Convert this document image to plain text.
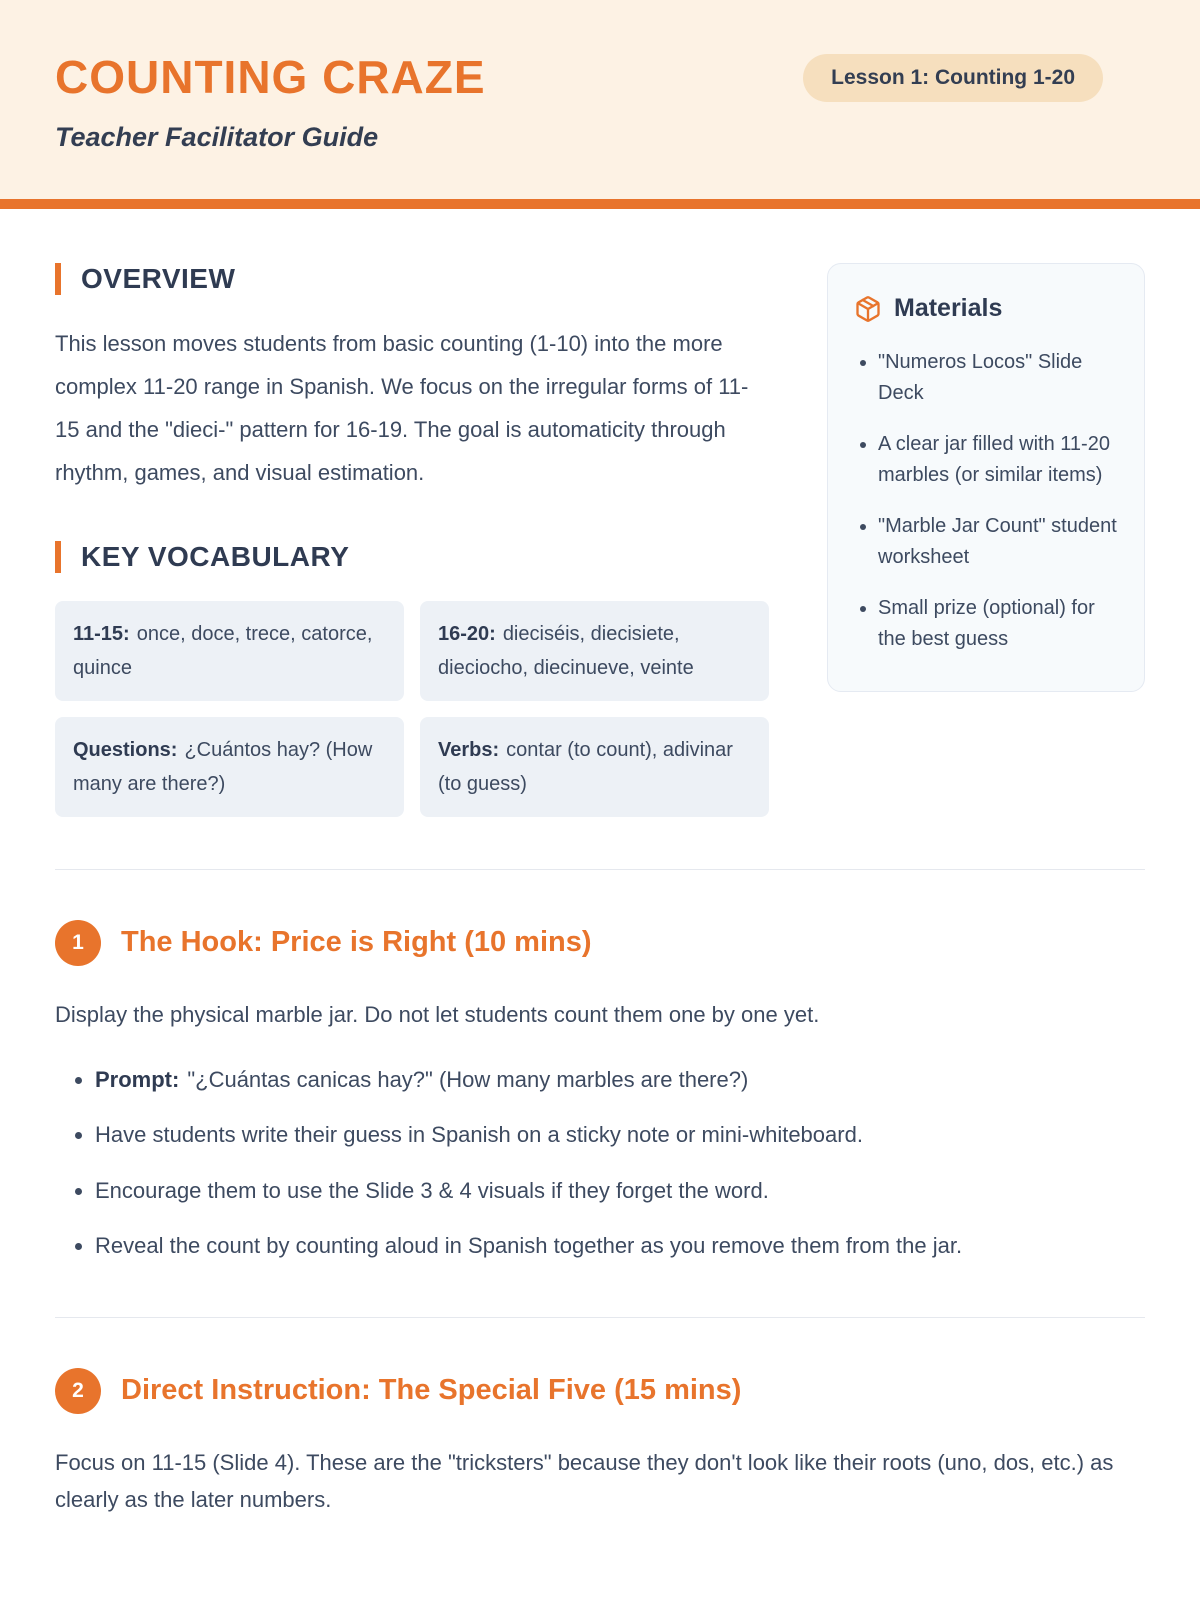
COUNTING CRAZE
Teacher Facilitator Guide
Lesson 1: Counting 1-20
OVERVIEW

This lesson moves students from basic counting (1-10) into the more complex 11-20 range in Spanish. We focus on the irregular forms of 11-15 and the "dieci-" pattern for 16-19. The goal is automaticity through rhythm, games, and visual estimation.

KEY VOCABULARY
11-15: once, doce, trece, catorce, quince
16-20: dieciséis, diecisiete, dieciocho, diecinueve, veinte
Questions: ¿Cuántos hay? (How many are there?)
Verbs: contar (to count), adivinar (to guess)
Materials
• "Numeros Locos" Slide Deck
• A clear jar filled with 11-20 marbles (or similar items)
• "Marble Jar Count" student worksheet
• Small prize (optional) for the best guess
1	The Hook: Price is Right (10 mins)

Display the physical marble jar. Do not let students count them one by one yet.

• Prompt: "¿Cuántas canicas hay?" (How many marbles are there?)
• Have students write their guess in Spanish on a sticky note or mini-whiteboard.
• Encourage them to use the Slide 3 & 4 visuals if they forget the word.
• Reveal the count by counting aloud in Spanish together as you remove them from the jar.
2	Direct Instruction: The Special Five (15 mins)

Focus on 11-15 (Slide 4). These are the "tricksters" because they don't look like their roots (uno, dos, etc.) as clearly as the later numbers.
